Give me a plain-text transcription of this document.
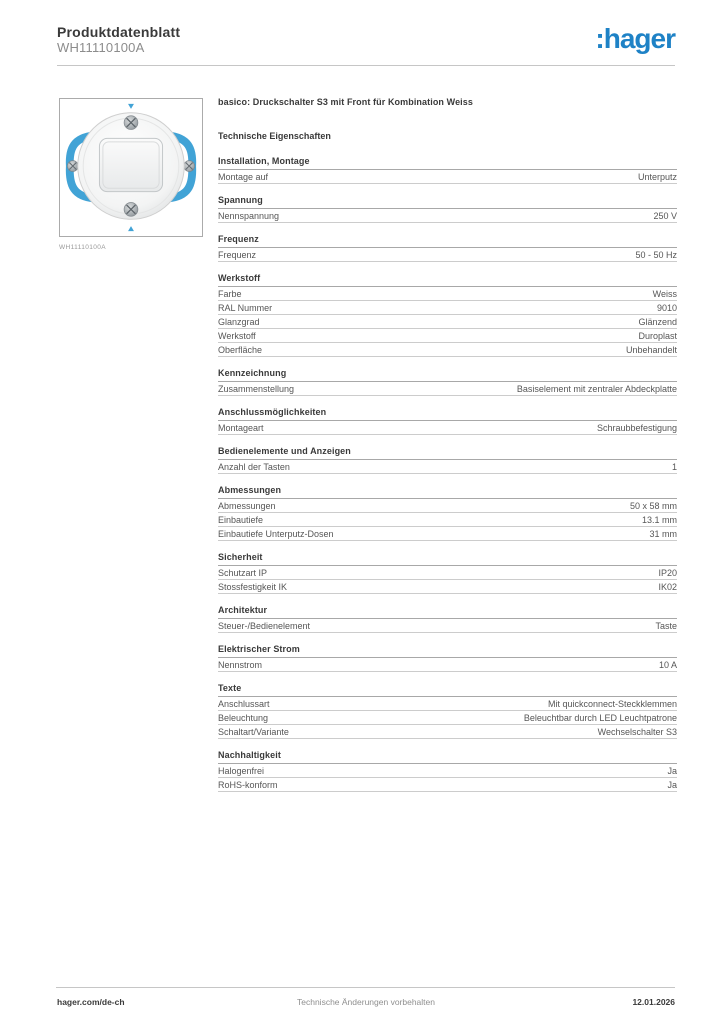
Produktdatenblatt
WH11110100A	:hager
WH11110100A
basico: Druckschalter S3 mit Front für Kombination Weiss
Technische Eigenschaften
Installation, Montage
Montage auf	Unterputz
Spannung
Nennspannung	250 V
Frequenz
Frequenz	50 - 50 Hz
Werkstoff
Farbe	Weiss
RAL Nummer	9010
Glanzgrad	Glänzend
Werkstoff	Duroplast
Oberfläche	Unbehandelt
Kennzeichnung
Zusammenstellung	Basiselement mit zentraler Abdeckplatte
Anschlussmöglichkeiten
Montageart	Schraubbefestigung
Bedienelemente und Anzeigen
Anzahl der Tasten	1
Abmessungen
Abmessungen	50 x 58 mm
Einbautiefe	13.1 mm
Einbautiefe Unterputz-Dosen	31 mm
Sicherheit
Schutzart IP	IP20
Stossfestigkeit IK	IK02
Architektur
Steuer-/Bedienelement	Taste
Elektrischer Strom
Nennstrom	10 A
Texte
Anschlussart	Mit quickconnect-Steckklemmen
Beleuchtung	Beleuchtbar durch LED Leuchtpatrone
Schaltart/Variante	Wechselschalter S3
Nachhaltigkeit
Halogenfrei	Ja
RoHS-konform	Ja
hager.com/de-ch	Technische Änderungen vorbehalten	12.01.2026
